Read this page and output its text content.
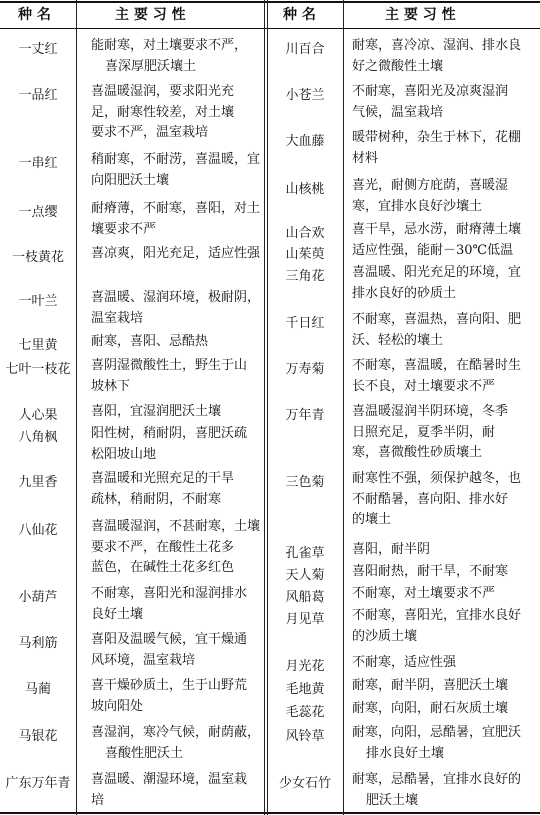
种 名	主 要 习 性	种 名	主 要 习 性
一丈红	能耐寒，对土壤要求不严，
喜深厚肥沃壤土
一品红	喜温暖湿润，要求阳光充
足，耐寒性较差，对土壤
要求不严，温室栽培
一串红	稍耐寒，不耐涝，喜温暖，宜
向阳肥沃土壤
一点缨	耐瘠薄，不耐寒，喜阳，对土
壤要求不严
一枝黄花	喜凉爽，阳光充足，适应性强
一叶兰	喜温暖、湿润环境，极耐阴，
温室栽培
七里黄	耐寒，喜阳、忌酷热
七叶一枝花 喜阴湿微酸性土，野生于山
坡林下
人心果	喜阳，宜湿润肥沃土壤
八角枫	阳性树，稍耐阴，喜肥沃疏
松阳坡山地
九里香	喜温暖和光照充足的干旱
疏林，稍耐阴，不耐寒
八仙花	喜温暖湿润，不甚耐寒，土壤
要求不严，在酸性土花多
蓝色，在碱性土花多红色
小葫芦	不耐寒，喜阳光和湿润排水
良好土壤
马利筋	喜阳及温暖气候，宜干燥通
风环境，温室栽培
马蔺	喜干燥砂质土，生于山野荒
坡向阳处
马银花	喜湿润，寒冷气候，耐荫蔽，
喜酸性肥沃土
广东万年青 喜温暖、潮湿环境，温室栽
培
川百合	耐寒，喜冷凉、湿润、排水良
好之微酸性土壤
小苍兰	不耐寒，喜阳光及凉爽湿润
气候，温室栽培
大血藤	暖带树种，杂生于林下，花棚
材料
山核桃	喜光，耐侧方庇荫，喜暖湿
寒，宜排水良好沙壤土
山合欢	喜干旱，忌水涝，耐瘠薄土壤
山茱萸	适应性强，能耐－30℃低温
三角花	喜温暖、阳光充足的环境，宜
排水良好的砂质土
千日红	不耐寒，喜温热，喜向阳、肥
沃、轻松的壤土
万寿菊	不耐寒，喜温暖，在酷暑时生
长不良，对土壤要求不严
万年青	喜温暖湿润半阴环境，冬季
日照充足，夏季半阴，耐
寒，喜微酸性砂质壤土
三色菊	耐寒性不强，须保护越冬，也
不耐酷暑，喜向阳、排水好
的壤土
孔雀草	喜阳，耐半阴
天人菊	喜阳耐热，耐干旱，不耐寒
风船葛	不耐寒，对土壤要求不严
月见草	不耐寒，喜阳光，宜排水良好
的沙质土壤
月光花	不耐寒，适应性强
毛地黄	耐寒，耐半阴，喜肥沃土壤
毛蕊花	耐寒，向阳，耐石灰质土壤
风铃草	耐寒，向阳，忌酷暑，宜肥沃
排水良好土壤
少女石竹	耐寒，忌酷暑，宜排水良好的
肥沃土壤
